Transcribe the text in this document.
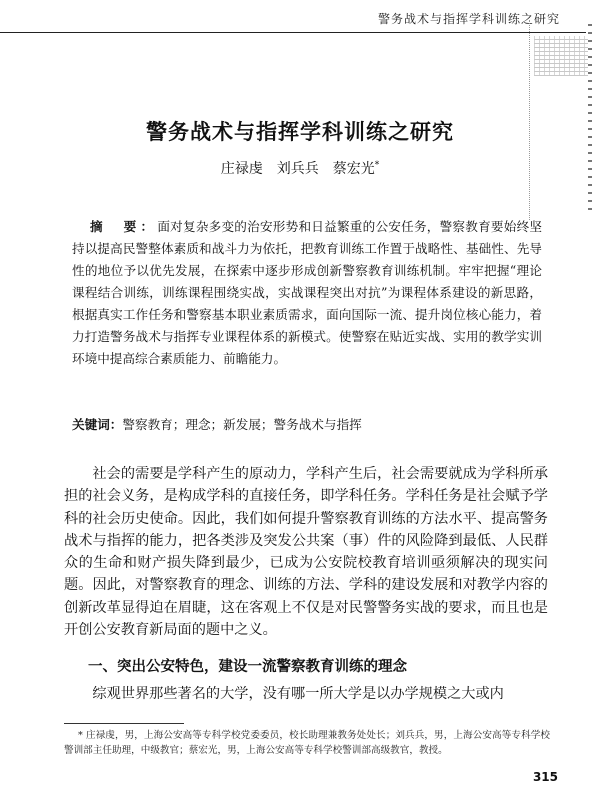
警务战术与指挥学科训练之研究
警务战术与指挥学科训练之研究
庄禄虔　刘兵兵　蔡宏光*
摘　要：面对复杂多变的治安形势和日益繁重的公安任务，警察教育要始终坚持以提高民警整体素质和战斗力为依托，把教育训练工作置于战略性、基础性、先导性的地位予以优先发展，在探索中逐步形成创新警察教育训练机制。牢牢把握“理论课程结合训练，训练课程围绕实战，实战课程突出对抗”为课程体系建设的新思路，根据真实工作任务和警察基本职业素质需求，面向国际一流、提升岗位核心能力，着力打造警务战术与指挥专业课程体系的新模式。使警察在贴近实战、实用的教学实训环境中提高综合素质能力、前瞻能力。
关键词：警察教育；理念；新发展；警务战术与指挥

社会的需要是学科产生的原动力，学科产生后，社会需要就成为学科所承担的社会义务，是构成学科的直接任务，即学科任务。学科任务是社会赋予学科的社会历史使命。因此，我们如何提升警察教育训练的方法水平、提高警务战术与指挥的能力，把各类涉及突发公共案（事）件的风险降到最低、人民群众的生命和财产损失降到最少，已成为公安院校教育培训亟须解决的现实问题。因此，对警察教育的理念、训练的方法、学科的建设发展和对教学内容的创新改革显得迫在眉睫，这在客观上不仅是对民警警务实战的要求，而且也是开创公安教育新局面的题中之义。

一、突出公安特色，建设一流警察教育训练的理念
综观世界那些著名的大学，没有哪一所大学是以办学规模之大或内
* 庄禄虔，男，上海公安高等专科学校党委委员，校长助理兼教务处处长；刘兵兵，男，上海公安高等专科学校警训部主任助理，中级教官；蔡宏光，男，上海公安高等专科学校警训部高级教官，教授。
315
